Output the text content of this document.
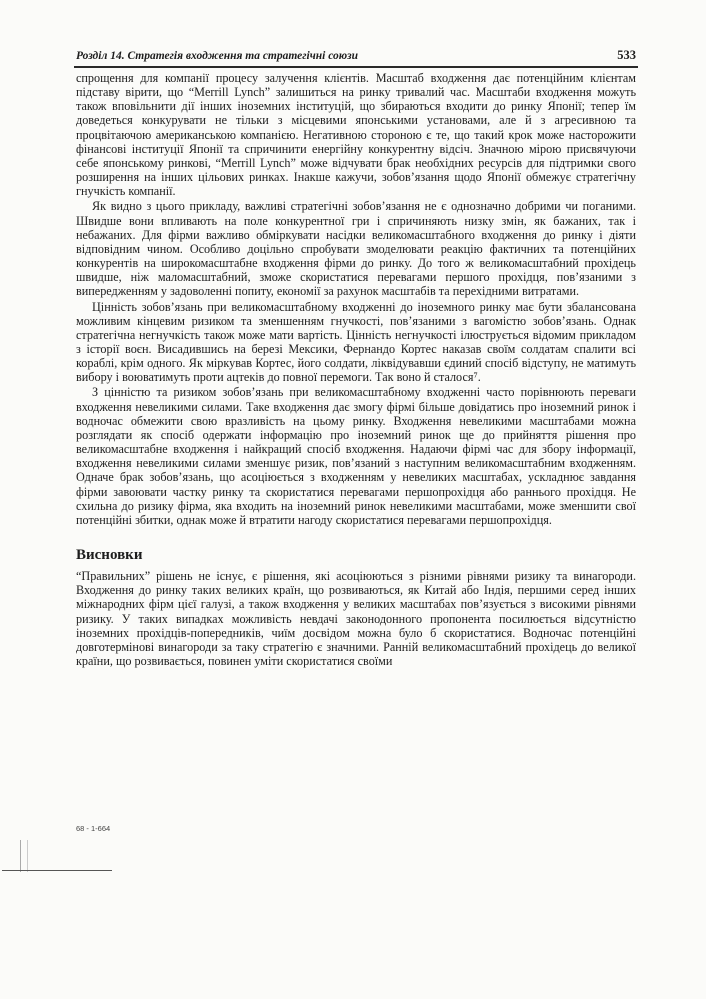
Розділ 14. Стратегія входження та стратегічні союзи	533

спрощення для компанії процесу залучення клієнтів. Масштаб входження дає потенційним клієнтам підставу вірити, що “Merrill Lynch” залишиться на ринку тривалий час. Масштаби входження можуть також вповільнити дії інших іноземних інституцій, що збираються входити до ринку Японії; тепер їм доведеться конкурувати не тільки з місцевими японськими установами, але й з агресивною та процвітаючою американською компанією. Негативною стороною є те, що такий крок може насторожити фінансові інституції Японії та спричинити енергійну конкурентну відсіч. Значною мірою присвячуючи себе японському ринкові, “Merrill Lynch” може відчувати брак необхідних ресурсів для підтримки свого розширення на інших цільових ринках. Інакше кажучи, зобов’язання щодо Японії обмежує стратегічну гнучкість компанії.

Як видно з цього прикладу, важливі стратегічні зобов’язання не є однозначно добрими чи поганими. Швидше вони впливають на поле конкурентної гри і спричиняють низку змін, як бажаних, так і небажаних. Для фірми важливо обміркувати насідки великомасштабного входження до ринку і діяти відповідним чином. Особливо доцільно спробувати змоделювати реакцію фактичних та потенційних конкурентів на широкомасштабне входження фірми до ринку. До того ж великомасштабний прохідець швидше, ніж маломасштабний, зможе скористатися перевагами першого прохідця, пов’язаними з випередженням у задоволенні попиту, економії за рахунок масштабів та перехідними витратами.

Цінність зобов’язань при великомасштабному входженні до іноземного ринку має бути збалансована можливим кінцевим ризиком та зменшенням гнучкості, пов’язаними з вагомістю зобов’язань. Однак стратегічна негнучкість також може мати вартість. Цінність негнучкості ілюструється відомим прикладом з історії воєн. Висадившись на березі Мексики, Фернандо Кортес наказав своїм солдатам спалити всі кораблі, крім одного. Як міркував Кортес, його солдати, ліквідувавши єдиний спосіб відступу, не матимуть вибору і воюватимуть проти ацтеків до повної перемоги. Так воно й сталося⁷.

З цінністю та ризиком зобов’язань при великомасштабному входженні часто порівнюють переваги входження невеликими силами. Таке входження дає змогу фірмі більше довідатись про іноземний ринок і водночас обмежити свою вразливість на цьому ринку. Входження невеликими масштабами можна розглядати як спосіб одержати інформацію про іноземний ринок ще до прийняття рішення про великомасштабне входження і найкращий спосіб входження. Надаючи фірмі час для збору інформації, входження невеликими силами зменшує ризик, пов’язаний з наступним великомасштабним входженням. Одначе брак зобов’язань, що асоціюється з входженням у невеликих масштабах, ускладнює завдання фірми завоювати частку ринку та скористатися перевагами першопрохідця або раннього прохідця. Не схильна до ризику фірма, яка входить на іноземний ринок невеликими масштабами, може зменшити свої потенційні збитки, однак може й втратити нагоду скористатися перевагами першопрохідця.

Висновки

“Правильних” рішень не існує, є рішення, які асоціюються з різними рівнями ризику та винагороди. Входження до ринку таких великих країн, що розвиваються, як Китай або Індія, першими серед інших міжнародних фірм цієї галузі, а також входження у великих масштабах пов’язується з високими рівнями ризику. У таких випадках можливість невдачі законодонного пропонента посилюється відсутністю іноземних прохідців-попередників, чиїм досвідом можна було б скористатися. Водночас потенційні довготермінові винагороди за таку стратегію є значними. Ранній великомасштабний прохідець до великої країни, що розвивається, повинен уміти скористатися своїми

68 - 1-664
